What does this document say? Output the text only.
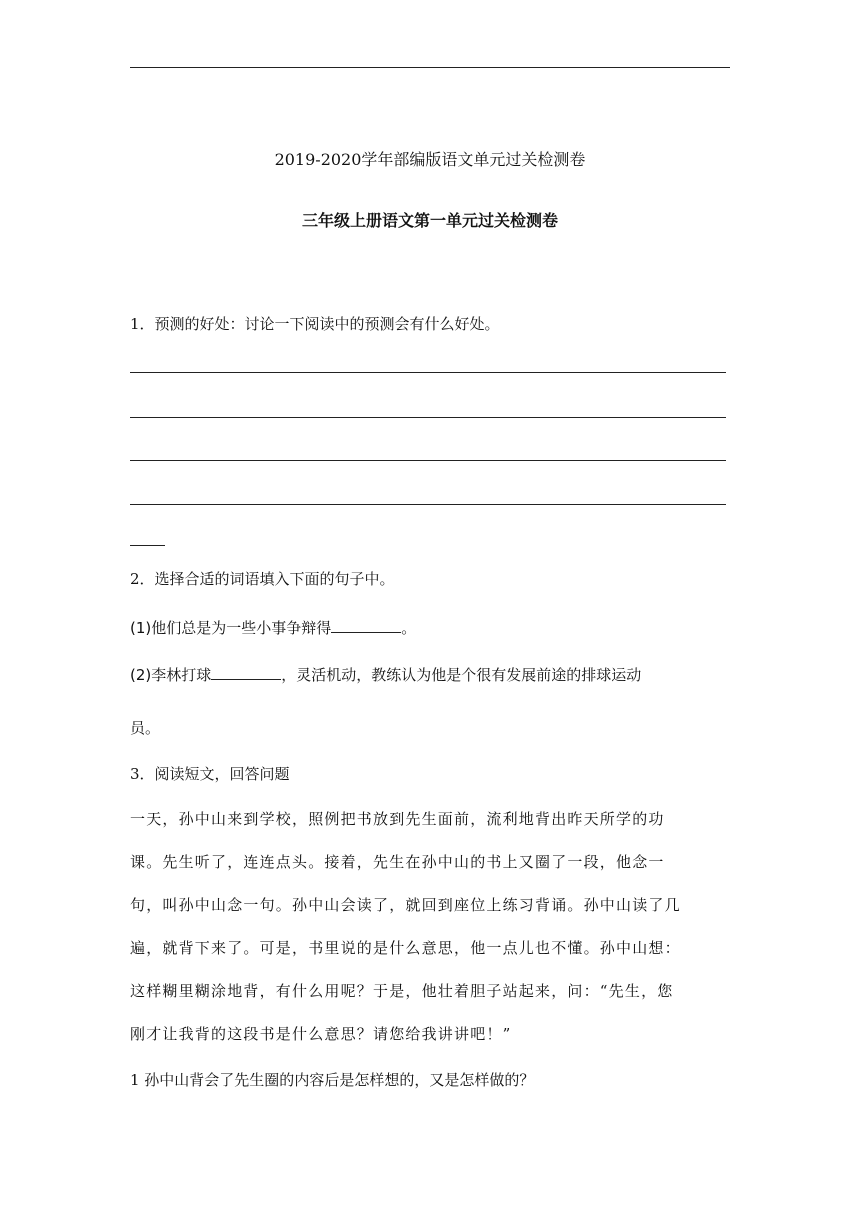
2019-2020学年部编版语文单元过关检测卷
三年级上册语文第一单元过关检测卷
1．预测的好处：讨论一下阅读中的预测会有什么好处。
2．选择合适的词语填入下面的句子中。
(1)他们总是为一些小事争辩得	。
(2)李林打球	，灵活机动，教练认为他是个很有发展前途的排球运动
员。
3．阅读短文，回答问题
一天，孙中山来到学校，照例把书放到先生面前，流利地背出昨天所学的功
课。先生听了，连连点头。接着，先生在孙中山的书上又圈了一段，他念一
句，叫孙中山念一句。孙中山会读了，就回到座位上练习背诵。孙中山读了几
遍，就背下来了。可是，书里说的是什么意思，他一点儿也不懂。孙中山想：
这样糊里糊涂地背，有什么用呢？于是，他壮着胆子站起来，问：“先生，您
刚才让我背的这段书是什么意思？请您给我讲讲吧！”
1 孙中山背会了先生圈的内容后是怎样想的，又是怎样做的？
